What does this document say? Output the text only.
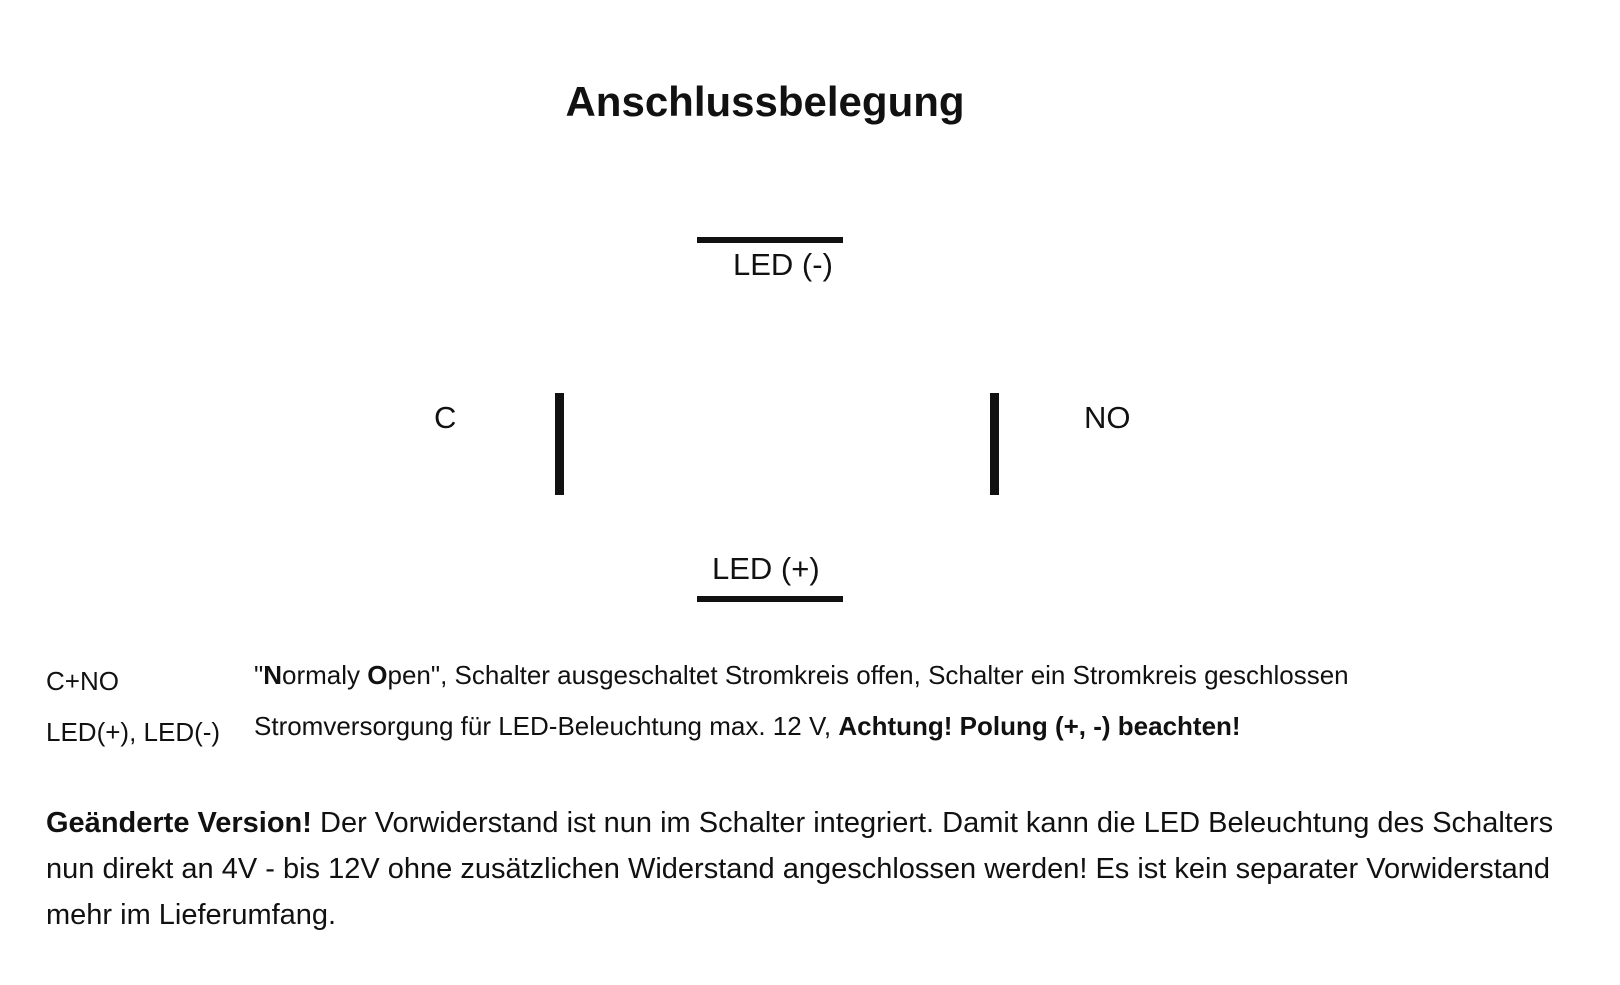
Anschlussbelegung
LED (-)
C	NO
LED (+)
C+NO	"Normaly Open", Schalter ausgeschaltet Stromkreis offen, Schalter ein Stromkreis geschlossen
LED(+), LED(-) Stromversorgung für LED-Beleuchtung max. 12 V, Achtung! Polung (+, -) beachten!

Geänderte Version! Der Vorwiderstand ist nun im Schalter integriert. Damit kann die LED Beleuchtung des Schalters nun direkt an 4V - bis 12V ohne zusätzlichen Widerstand angeschlossen werden! Es ist kein separater Vorwiderstand mehr im Lieferumfang.
